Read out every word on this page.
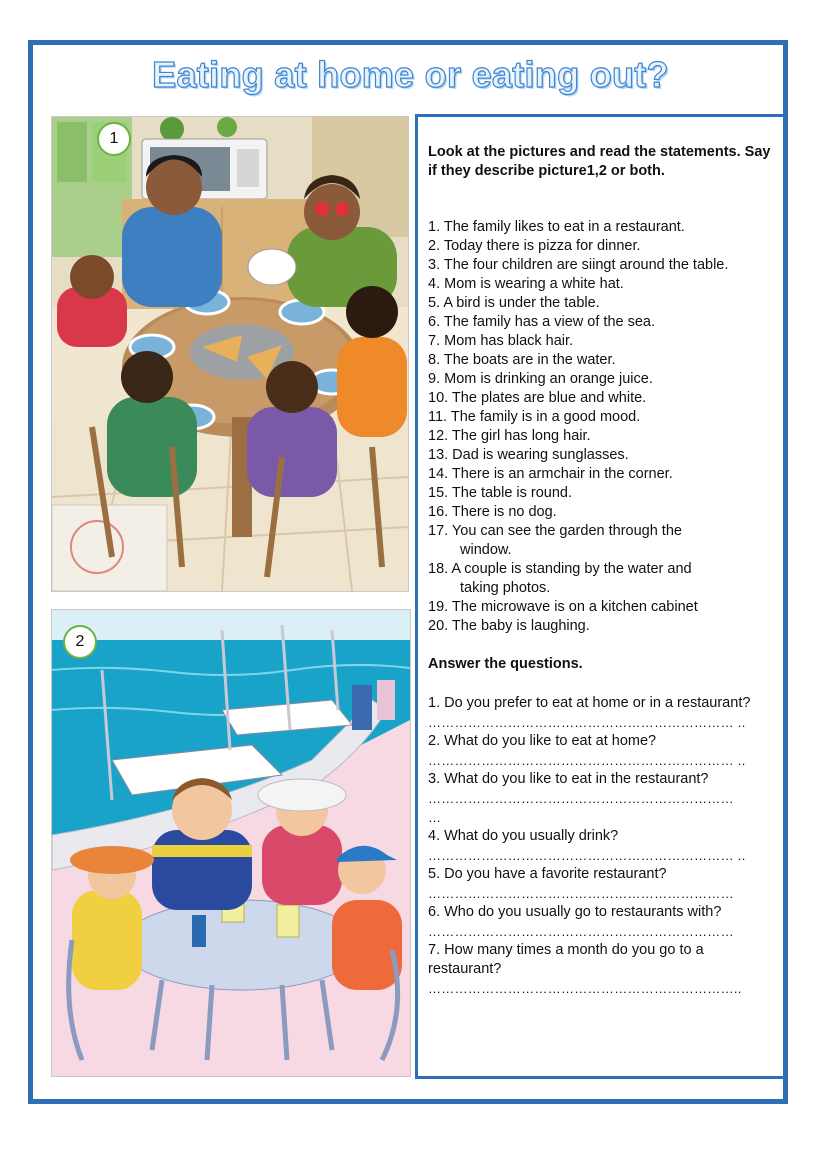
Eating at home or eating out?
1
2
Look at the pictures and read the statements. Say if they describe picture1,2 or both.
1. The family likes to eat in a restaurant.
2. Today there is pizza for dinner.
3. The four children are siingt around the table.
4. Mom is wearing a white hat.
5. A bird is under the table.
6. The family has a view of the sea.
7. Mom has black hair.
8. The boats are in the water.
9. Mom is drinking an orange juice.
10. The plates are blue and white.
11. The family is in a good mood.
12. The girl has long hair.
13. Dad is wearing sunglasses.
14. There is an armchair in the corner.
15. The table is round.
16. There is no dog.
17. You can see the garden through the
window.
18. A couple is standing by the water and
taking photos.
19. The microwave is on a kitchen cabinet
20. The baby is laughing.
Answer the questions.
1. Do you prefer to eat at home or in a restaurant?
…………………………………………………………… ..
2. What do you like to eat at home?
…………………………………………………………… ..
3. What do you like to eat in the restaurant?
……………………………………………………………
…
4. What do you usually drink?
…………………………………………………………… ..
5. Do you have a favorite restaurant?
……………………………………………………………
6. Who do you usually go to restaurants with?
……………………………………………………………
7. How many times a month do you go to a restaurant?
……………………………………………………………..
